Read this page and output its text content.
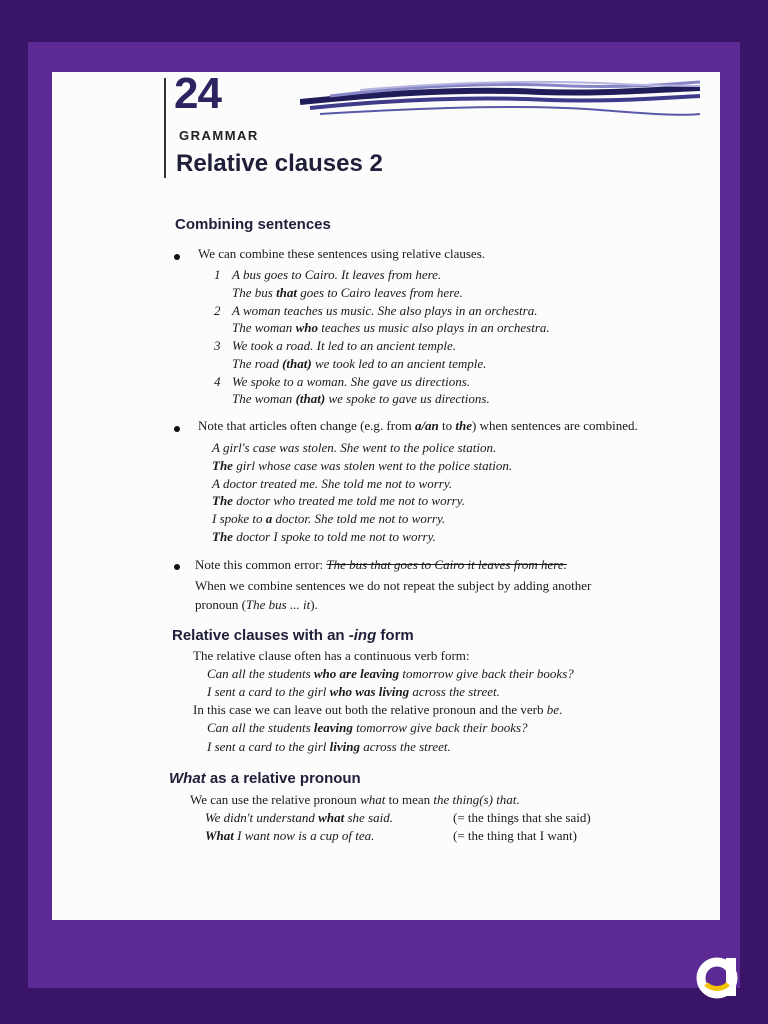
24
GRAMMAR
Relative clauses 2
Combining sentences
We can combine these sentences using relative clauses.
1 A bus goes to Cairo. It leaves from here.
The bus that goes to Cairo leaves from here.
2 A woman teaches us music. She also plays in an orchestra.
The woman who teaches us music also plays in an orchestra.
3 We took a road. It led to an ancient temple.
The road (that) we took led to an ancient temple.
4 We spoke to a woman. She gave us directions.
The woman (that) we spoke to gave us directions.
Note that articles often change (e.g. from a/an to the) when sentences are combined.
A girl's case was stolen. She went to the police station.
The girl whose case was stolen went to the police station.
A doctor treated me. She told me not to worry.
The doctor who treated me told me not to worry.
I spoke to a doctor. She told me not to worry.
The doctor I spoke to told me not to worry.
Note this common error: The bus that goes to Cairo it leaves from here.
When we combine sentences we do not repeat the subject by adding another
pronoun (The bus ... it).
Relative clauses with an -ing form
The relative clause often has a continuous verb form:
Can all the students who are leaving tomorrow give back their books?
I sent a card to the girl who was living across the street.
In this case we can leave out both the relative pronoun and the verb be.
Can all the students leaving tomorrow give back their books?
I sent a card to the girl living across the street.
What as a relative pronoun
We can use the relative pronoun what to mean the thing(s) that.
We didn't understand what she said.	(= the things that she said)
What I want now is a cup of tea.	(= the thing that I want)
